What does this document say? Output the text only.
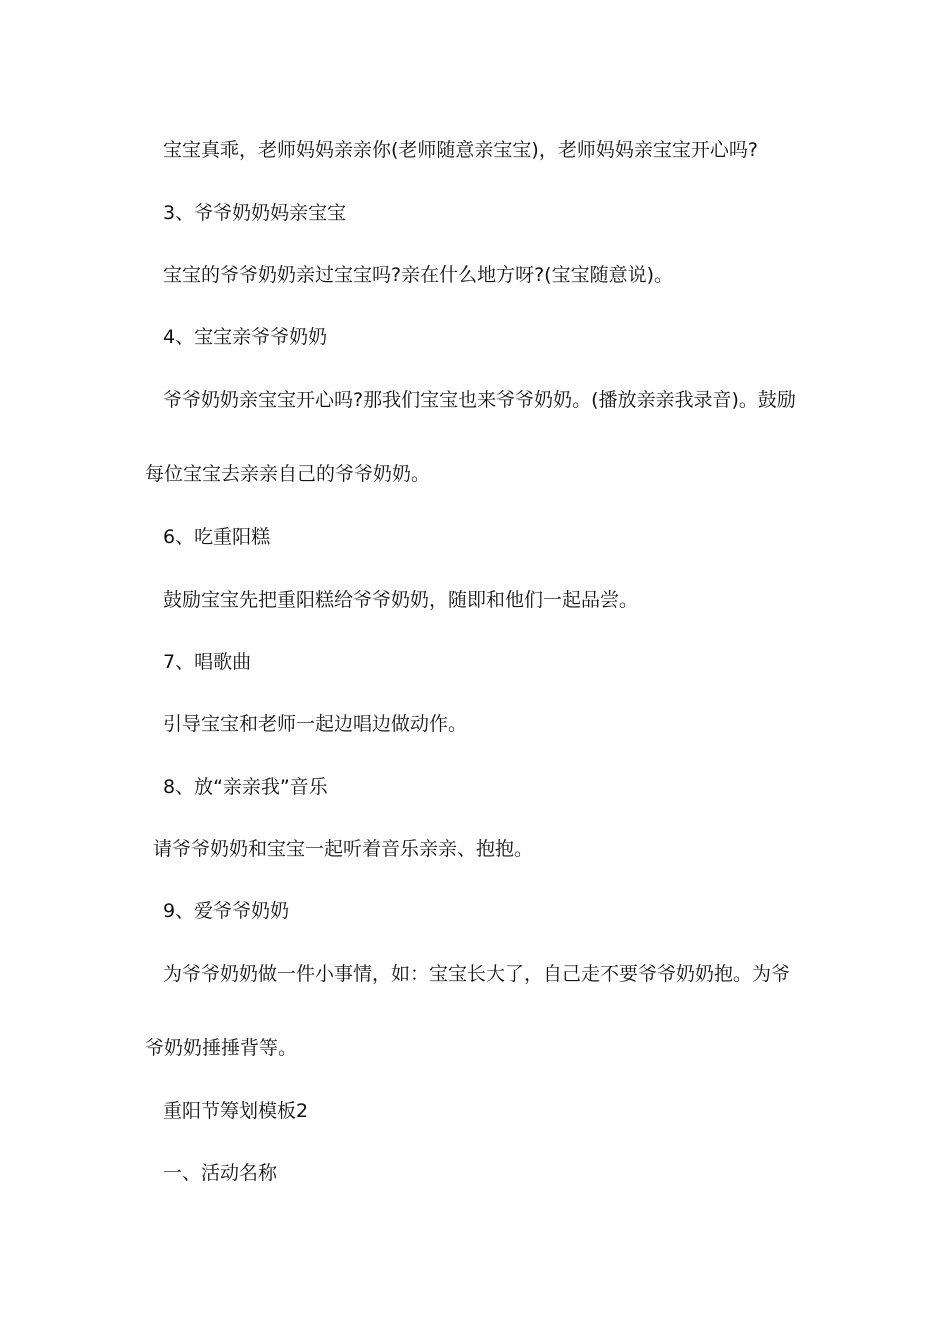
宝宝真乖，老师妈妈亲亲你(老师随意亲宝宝)，老师妈妈亲宝宝开心吗?
3、爷爷奶奶妈亲宝宝
宝宝的爷爷奶奶亲过宝宝吗?亲在什么地方呀?(宝宝随意说)。
4、宝宝亲爷爷奶奶
爷爷奶奶亲宝宝开心吗?那我们宝宝也来爷爷奶奶。(播放亲亲我录音)。鼓励
每位宝宝去亲亲自己的爷爷奶奶。
6、吃重阳糕
鼓励宝宝先把重阳糕给爷爷奶奶，随即和他们一起品尝。
7、唱歌曲
引导宝宝和老师一起边唱边做动作。
8、放“亲亲我”音乐
请爷爷奶奶和宝宝一起听着音乐亲亲、抱抱。
9、爱爷爷奶奶
为爷爷奶奶做一件小事情，如：宝宝长大了，自己走不要爷爷奶奶抱。为爷
爷奶奶捶捶背等。
重阳节筹划模板2
一、活动名称
